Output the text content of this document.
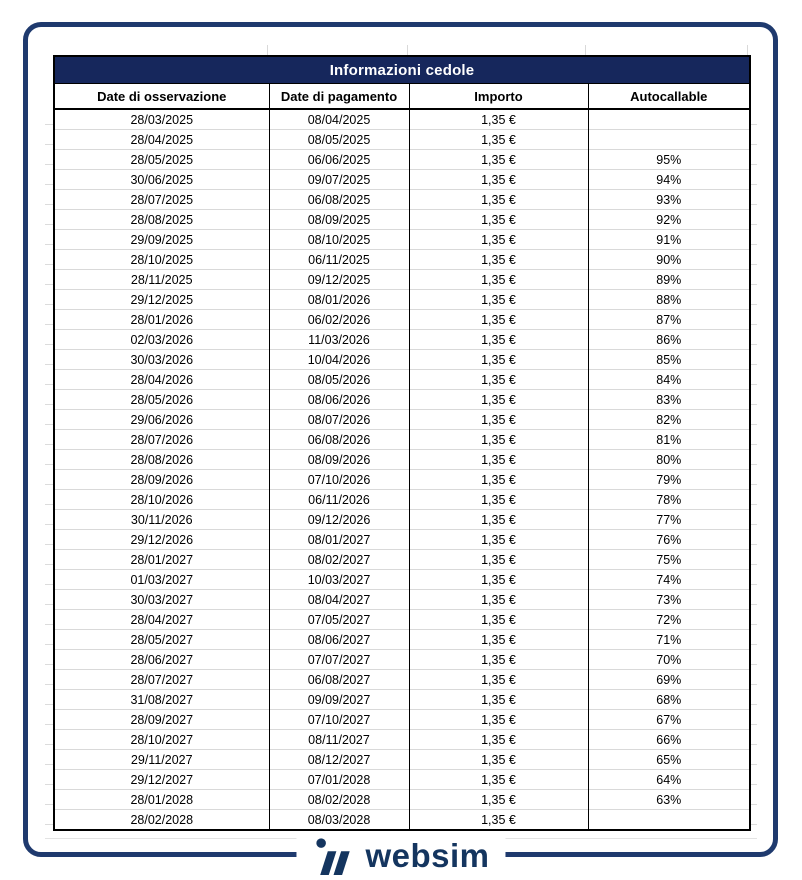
Informazioni cedole			
Date di osservazione	Date di pagamento	Importo	Autocallable
28/03/2025	08/04/2025	1,35 €	
28/04/2025	08/05/2025	1,35 €	
28/05/2025	06/06/2025	1,35 €	95%
30/06/2025	09/07/2025	1,35 €	94%
28/07/2025	06/08/2025	1,35 €	93%
28/08/2025	08/09/2025	1,35 €	92%
29/09/2025	08/10/2025	1,35 €	91%
28/10/2025	06/11/2025	1,35 €	90%
28/11/2025	09/12/2025	1,35 €	89%
29/12/2025	08/01/2026	1,35 €	88%
28/01/2026	06/02/2026	1,35 €	87%
02/03/2026	11/03/2026	1,35 €	86%
30/03/2026	10/04/2026	1,35 €	85%
28/04/2026	08/05/2026	1,35 €	84%
28/05/2026	08/06/2026	1,35 €	83%
29/06/2026	08/07/2026	1,35 €	82%
28/07/2026	06/08/2026	1,35 €	81%
28/08/2026	08/09/2026	1,35 €	80%
28/09/2026	07/10/2026	1,35 €	79%
28/10/2026	06/11/2026	1,35 €	78%
30/11/2026	09/12/2026	1,35 €	77%
29/12/2026	08/01/2027	1,35 €	76%
28/01/2027	08/02/2027	1,35 €	75%
01/03/2027	10/03/2027	1,35 €	74%
30/03/2027	08/04/2027	1,35 €	73%
28/04/2027	07/05/2027	1,35 €	72%
28/05/2027	08/06/2027	1,35 €	71%
28/06/2027	07/07/2027	1,35 €	70%
28/07/2027	06/08/2027	1,35 €	69%
31/08/2027	09/09/2027	1,35 €	68%
28/09/2027	07/10/2027	1,35 €	67%
28/10/2027	08/11/2027	1,35 €	66%
29/11/2027	08/12/2027	1,35 €	65%
29/12/2027	07/01/2028	1,35 €	64%
28/01/2028	08/02/2028	1,35 €	63%
28/02/2028	08/03/2028	1,35 €	
websim
